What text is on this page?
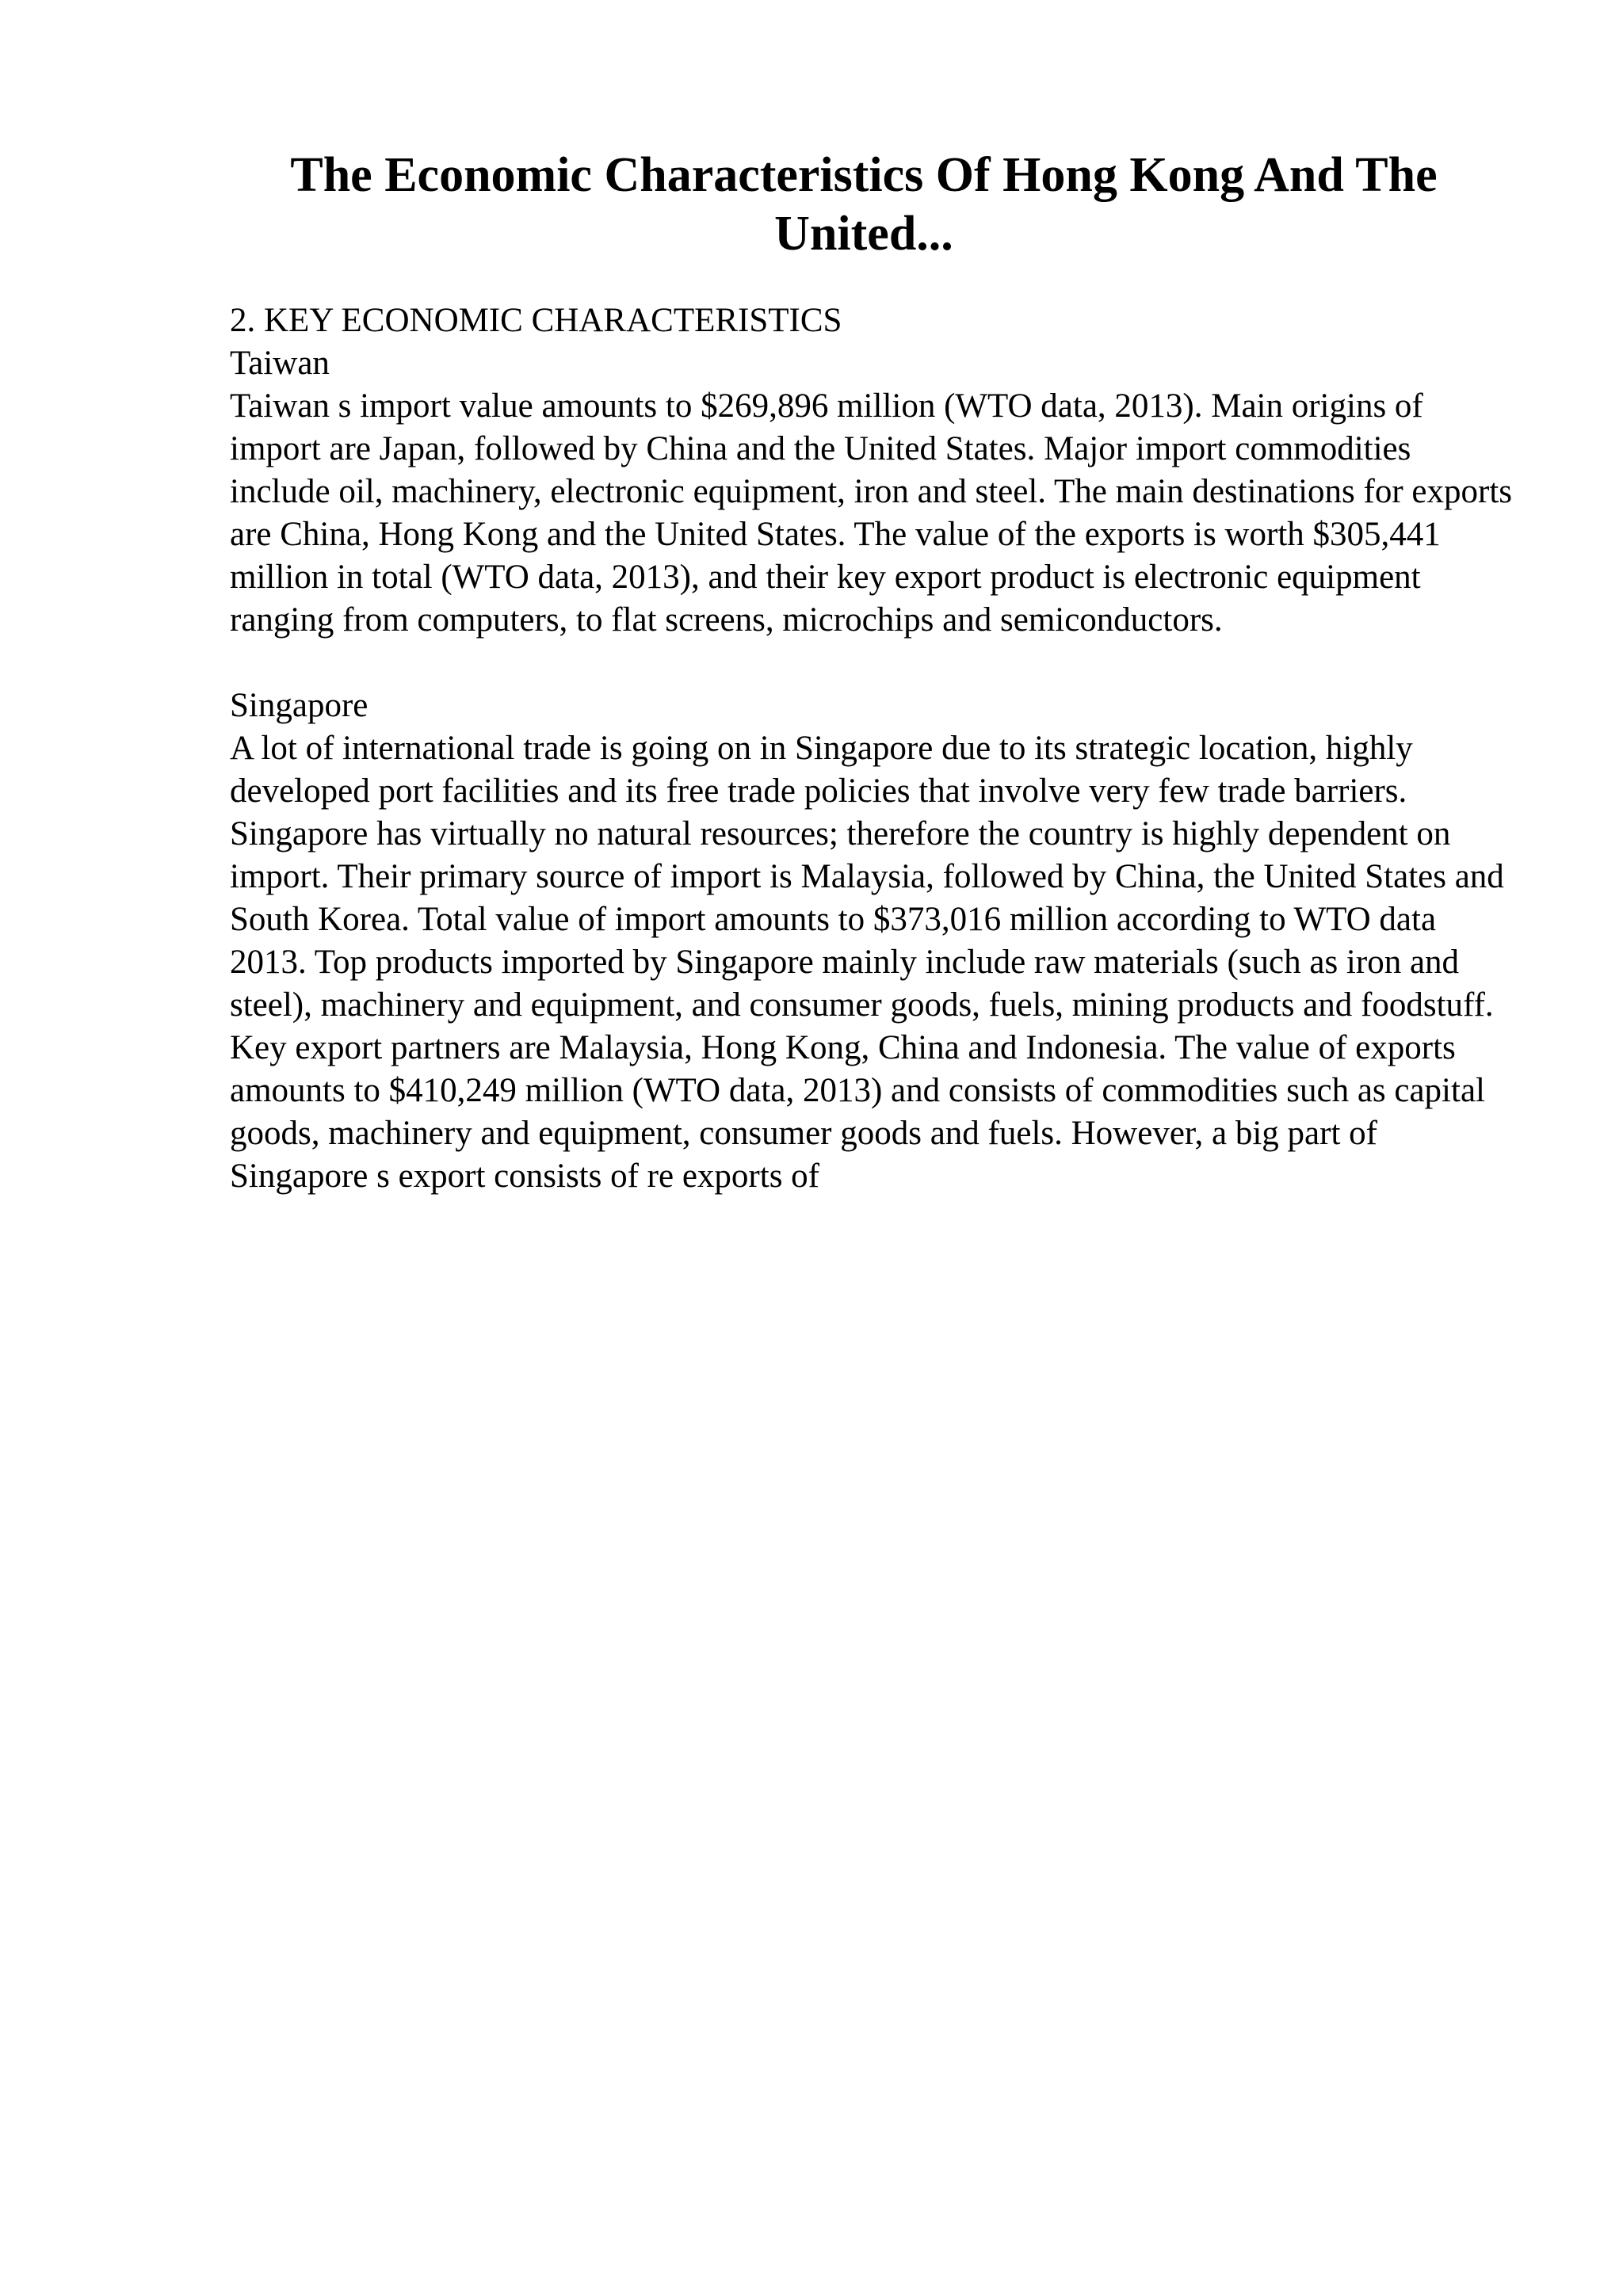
The Economic Characteristics Of Hong Kong And The United...

2. KEY ECONOMIC CHARACTERISTICS

Taiwan

Taiwan s import value amounts to $269,896 million (WTO data, 2013). Main origins of import are Japan, followed by China and the United States. Major import commodities include oil, machinery, electronic equipment, iron and steel. The main destinations for exports are China, Hong Kong and the United States. The value of the exports is worth $305,441 million in total (WTO data, 2013), and their key export product is electronic equipment ranging from computers, to flat screens, microchips and semiconductors.

Singapore

A lot of international trade is going on in Singapore due to its strategic location, highly developed port facilities and its free trade policies that involve very few trade barriers. Singapore has virtually no natural resources; therefore the country is highly dependent on import. Their primary source of import is Malaysia, followed by China, the United States and South Korea. Total value of import amounts to $373,016 million according to WTO data 2013. Top products imported by Singapore mainly include raw materials (such as iron and steel), machinery and equipment, and consumer goods, fuels, mining products and foodstuff. Key export partners are Malaysia, Hong Kong, China and Indonesia. The value of exports amounts to $410,249 million (WTO data, 2013) and consists of commodities such as capital goods, machinery and equipment, consumer goods and fuels. However, a big part of Singapore s export consists of re exports of
